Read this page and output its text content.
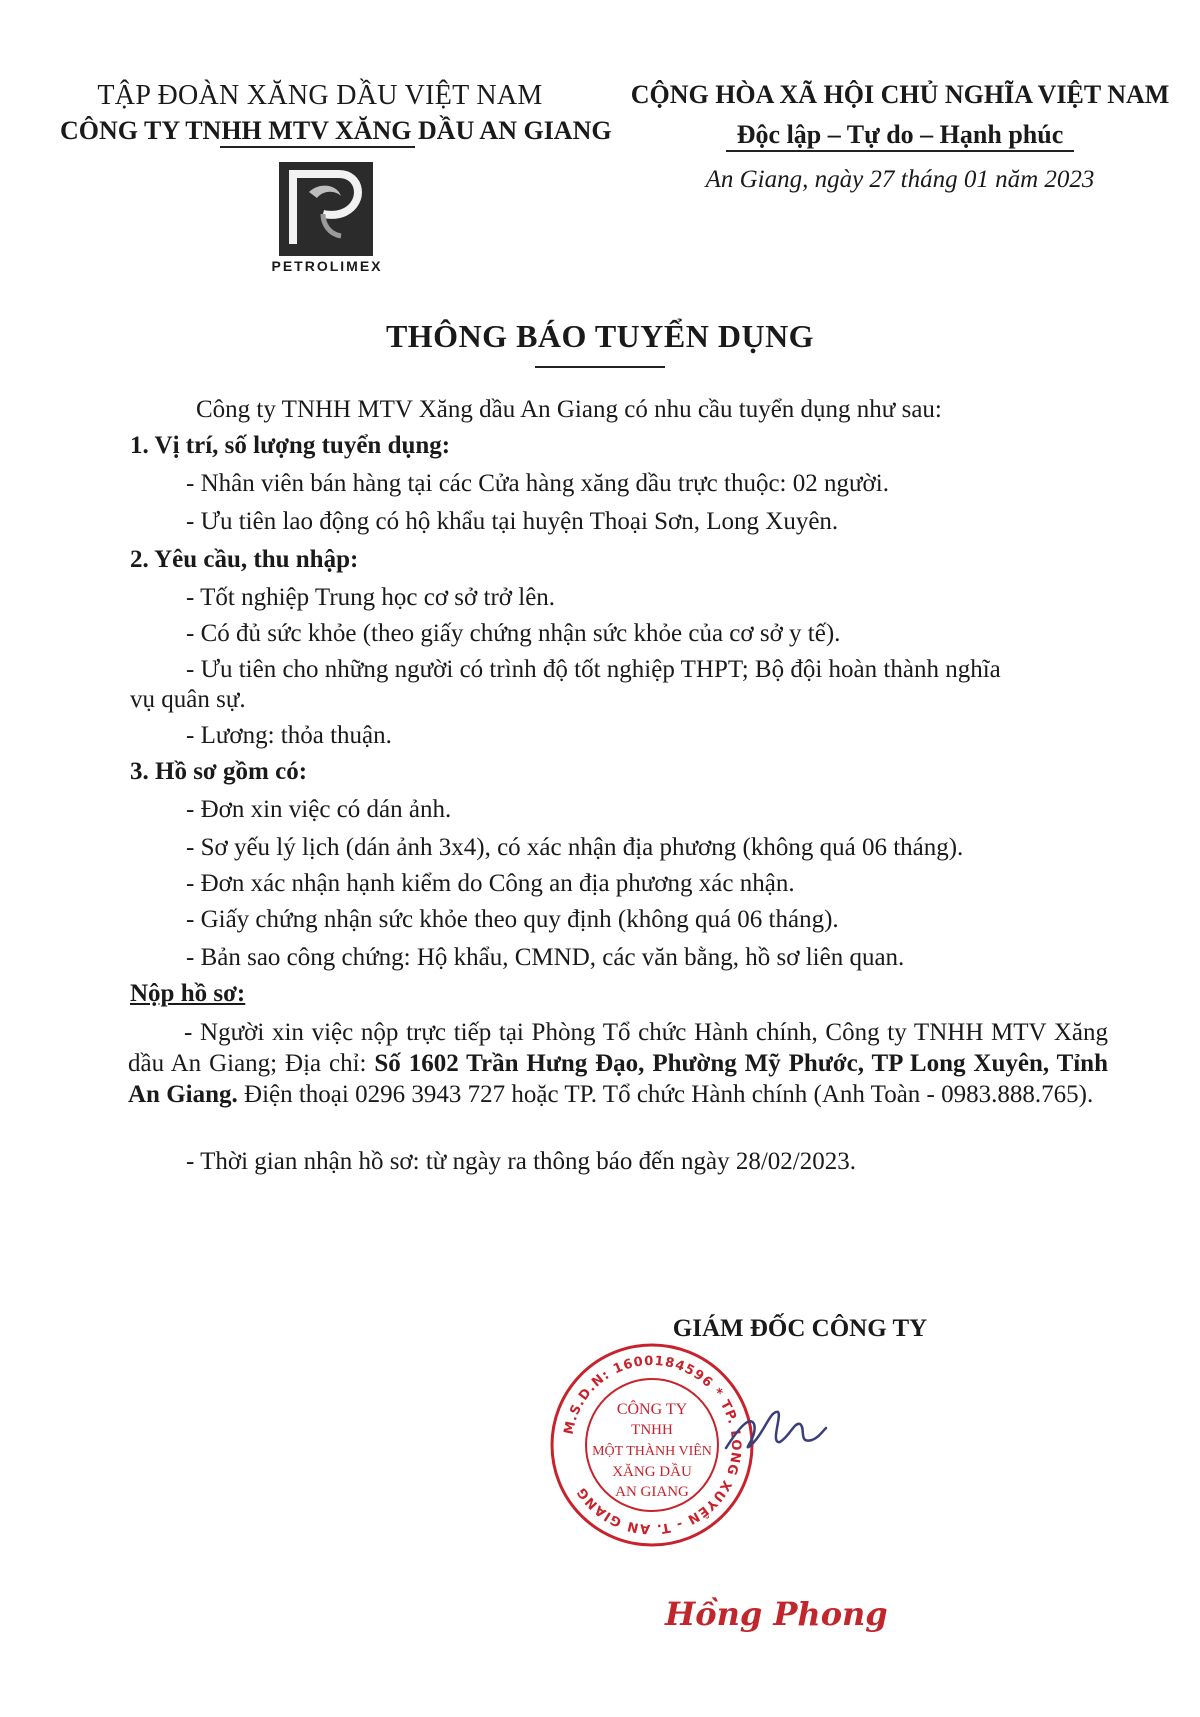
TẬP ĐOÀN XĂNG DẦU VIỆT NAM
CÔNG TY TNHH MTV XĂNG DẦU AN GIANG
PETROLIMEX
CỘNG HÒA XÃ HỘI CHỦ NGHĨA VIỆT NAM
Độc lập – Tự do – Hạnh phúc
An Giang, ngày 27 tháng 01 năm 2023
THÔNG BÁO TUYỂN DỤNG
Công ty TNHH MTV Xăng dầu An Giang có nhu cầu tuyển dụng như sau:
1. Vị trí, số lượng tuyển dụng:
- Nhân viên bán hàng tại các Cửa hàng xăng dầu trực thuộc: 02 người.
- Ưu tiên lao động có hộ khẩu tại huyện Thoại Sơn, Long Xuyên.
2. Yêu cầu, thu nhập:
- Tốt nghiệp Trung học cơ sở trở lên.
- Có đủ sức khỏe (theo giấy chứng nhận sức khỏe của cơ sở y tế).
- Ưu tiên cho những người có trình độ tốt nghiệp THPT; Bộ đội hoàn thành nghĩa
vụ quân sự.
- Lương: thỏa thuận.
3. Hồ sơ gồm có:
- Đơn xin việc có dán ảnh.
- Sơ yếu lý lịch (dán ảnh 3x4), có xác nhận địa phương (không quá 06 tháng).
- Đơn xác nhận hạnh kiểm do Công an địa phương xác nhận.
- Giấy chứng nhận sức khỏe theo quy định (không quá 06 tháng).
- Bản sao công chứng: Hộ khẩu, CMND, các văn bằng, hồ sơ liên quan.
Nộp hồ sơ:
- Người xin việc nộp trực tiếp tại Phòng Tổ chức Hành chính, Công ty TNHH MTV Xăng dầu An Giang; Địa chỉ: Số 1602 Trần Hưng Đạo, Phường Mỹ Phước, TP Long Xuyên, Tỉnh An Giang. Điện thoại 0296 3943 727 hoặc TP. Tổ chức Hành chính (Anh Toàn - 0983.888.765).
- Thời gian nhận hồ sơ: từ ngày ra thông báo đến ngày 28/02/2023.
GIÁM ĐỐC CÔNG TY
M.S.D.N: 1600184596 * TP. LONG XUYÊN - T. AN GIANG
CÔNG TY
TNHH
MỘT THÀNH VIÊN
XĂNG DẦU
AN GIANG
Hồng Phong
